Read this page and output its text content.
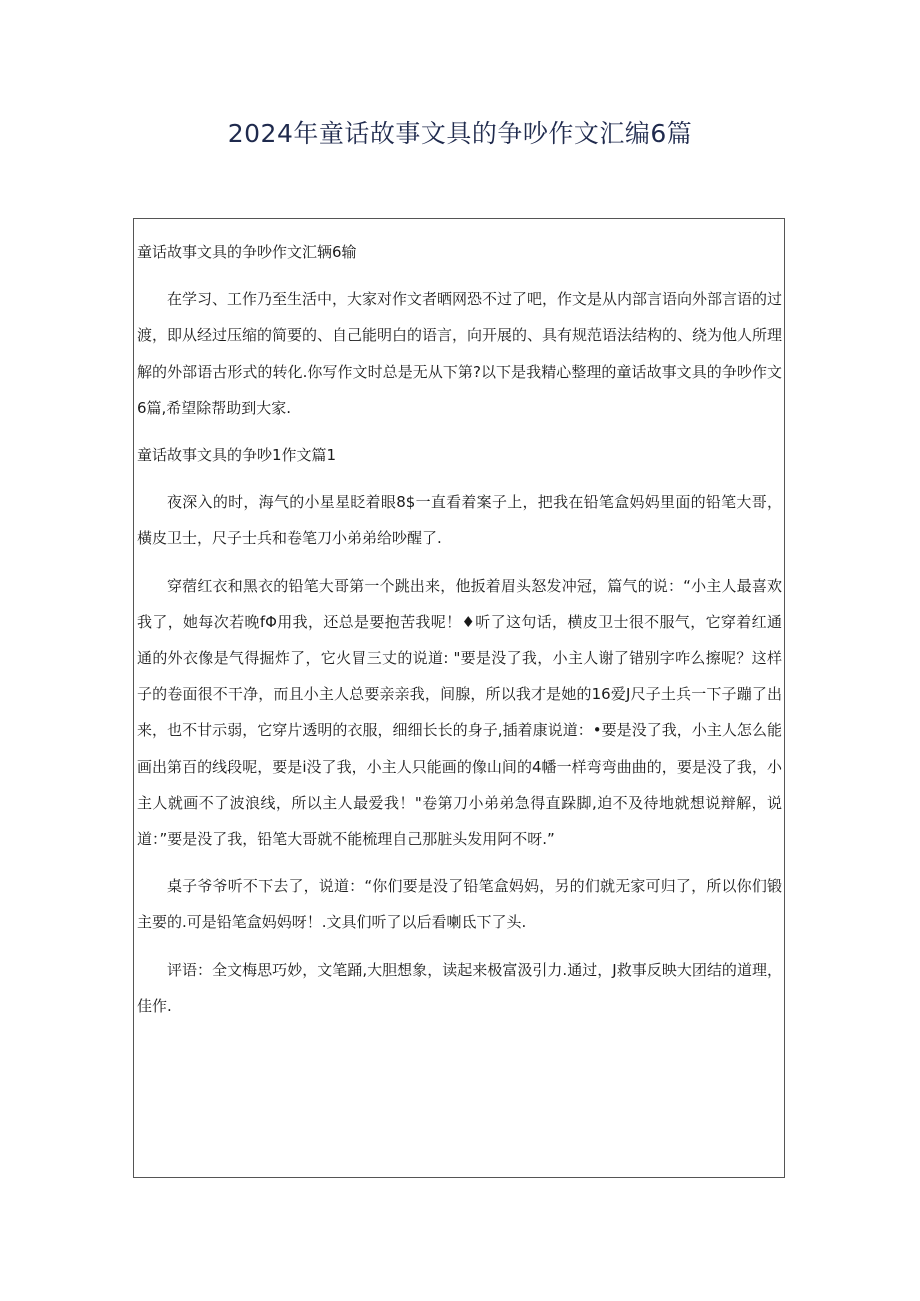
2024年童话故事文具的争吵作文汇编6篇

童话故事文具的争吵作文汇辆6输

在学习、工作乃至生活中，大家对作文者晒网恐不过了吧，作文是从内部言语向外部言语的过渡，即从经过压缩的简要的、自己能明白的语言，向开展的、具有规范语法结构的、绕为他人所理解的外部语古形式的转化.你写作文时总是无从下第?以下是我精心整理的童话故事文具的争吵作文6篇,希望除帮助到大家.

童话故事文具的争吵1作文篇1

夜深入的时，海气的小星星眨着眼8$一直看着案子上，把我在铅笔盒妈妈里面的铅笔大哥，橫皮卫士，尺子士兵和卷笔刀小弟弟给吵醒了.

穿蓿红衣和黑衣的铅笔大哥第一个跳出来，他扳着眉头怒发冲冠，篇气的说：“小主人最喜欢我了，她每次若晚fΦ用我，还总是要抱苦我呢！♦听了这句话，横皮卫士很不服气，它穿着红通通的外衣像是气得掘炸了，它火冒三丈的说道: "要是没了我，小主人谢了错别字咋么擦呢？这样子的卷面很不干净，而且小主人总要亲亲我，间腺，所以我才是她的16爱J尺子土兵一下子蹦了出来，也不甘示弱，它穿片透明的衣服，细细长长的身子,插着康说道：•要是没了我，小主人怎么能画出第百的线段呢，要是i没了我，小主人只能画的像山间的4幡一样弯弯曲曲的，要是没了我，小主人就画不了波浪线，所以主人最爱我！"卷第刀小弟弟急得直跺脚,迫不及待地就想说辩解，说道：”要是没了我，铅笔大哥就不能梳理自己那脏头发用阿不呀.”

桌子爷爷听不下去了，说道：“你们要是没了铅笔盒妈妈，另的们就无家可归了，所以你们锻主要的.可是铅笔盒妈妈呀！.文具们听了以后看喇氐下了头.

评语：全文梅思巧妙，文笔踊,大胆想象，读起来极富汲引力.通过，J救事反映大团结的道理，佳作.
